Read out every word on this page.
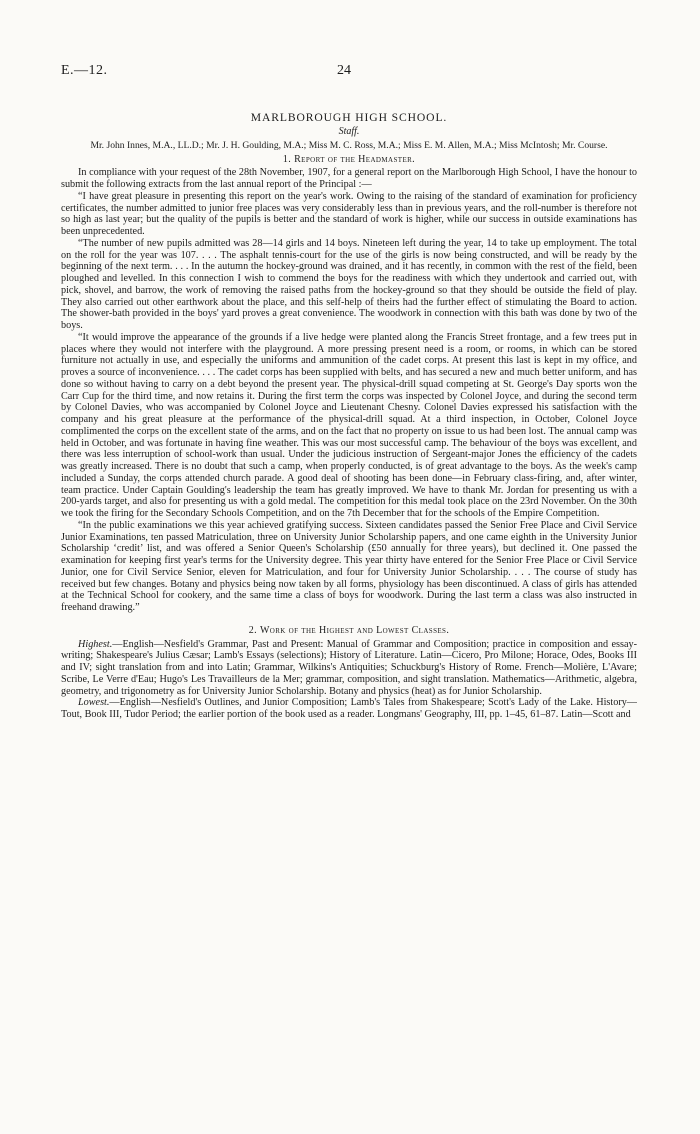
E.—12.	24
MARLBOROUGH HIGH SCHOOL.
Staff.
Mr. John Innes, M.A., LL.D.; Mr. J. H. Goulding, M.A.; Miss M. C. Ross, M.A.; Miss E. M. Allen, M.A.; Miss McIntosh; Mr. Course.
1. Report of the Headmaster.

In compliance with your request of the 28th November, 1907, for a general report on the Marlborough High School, I have the honour to submit the following extracts from the last annual report of the Principal :—

“I have great pleasure in presenting this report on the year's work. Owing to the raising of the standard of examination for proficiency certificates, the number admitted to junior free places was very considerably less than in previous years, and the roll-number is therefore not so high as last year; but the quality of the pupils is better and the standard of work is higher, while our success in outside examinations has been unprecedented.

“The number of new pupils admitted was 28—14 girls and 14 boys. Nineteen left during the year, 14 to take up employment. The total on the roll for the year was 107. . . . The asphalt tennis-court for the use of the girls is now being constructed, and will be ready by the beginning of the next term. . . . In the autumn the hockey-ground was drained, and it has recently, in common with the rest of the field, been ploughed and levelled. In this connection I wish to commend the boys for the readiness with which they undertook and carried out, with pick, shovel, and barrow, the work of removing the raised paths from the hockey-ground so that they should be outside the field of play. They also carried out other earthwork about the place, and this self-help of theirs had the further effect of stimulating the Board to action. The shower-bath provided in the boys' yard proves a great convenience. The woodwork in connection with this bath was done by two of the boys.

“It would improve the appearance of the grounds if a live hedge were planted along the Francis Street frontage, and a few trees put in places where they would not interfere with the playground. A more pressing present need is a room, or rooms, in which can be stored furniture not actually in use, and especially the uniforms and ammunition of the cadet corps. At present this last is kept in my office, and proves a source of inconvenience. . . . The cadet corps has been supplied with belts, and has secured a new and much better uniform, and has done so without having to carry on a debt beyond the present year. The physical-drill squad competing at St. George's Day sports won the Carr Cup for the third time, and now retains it. During the first term the corps was inspected by Colonel Joyce, and during the second term by Colonel Davies, who was accompanied by Colonel Joyce and Lieutenant Chesny. Colonel Davies expressed his satisfaction with the company and his great pleasure at the performance of the physical-drill squad. At a third inspection, in October, Colonel Joyce complimented the corps on the excellent state of the arms, and on the fact that no property on issue to us had been lost. The annual camp was held in October, and was fortunate in having fine weather. This was our most successful camp. The behaviour of the boys was excellent, and there was less interruption of school-work than usual. Under the judicious instruction of Sergeant-major Jones the efficiency of the cadets was greatly increased. There is no doubt that such a camp, when properly conducted, is of great advantage to the boys. As the week's camp included a Sunday, the corps attended church parade. A good deal of shooting has been done—in February class-firing, and, after winter, team practice. Under Captain Goulding's leadership the team has greatly improved. We have to thank Mr. Jordan for presenting us with a 200-yards target, and also for presenting us with a gold medal. The competition for this medal took place on the 23rd November. On the 30th we took the firing for the Secondary Schools Competition, and on the 7th December that for the schools of the Empire Competition.

“In the public examinations we this year achieved gratifying success. Sixteen candidates passed the Senior Free Place and Civil Service Junior Examinations, ten passed Matriculation, three on University Junior Scholarship papers, and one came eighth in the University Junior Scholarship ‘credit’ list, and was offered a Senior Queen's Scholarship (£50 annually for three years), but declined it. One passed the examination for keeping first year's terms for the University degree. This year thirty have entered for the Senior Free Place or Civil Service Junior, one for Civil Service Senior, eleven for Matriculation, and four for University Junior Scholarship. . . . The course of study has received but few changes. Botany and physics being now taken by all forms, physiology has been discontinued. A class of girls has attended at the Technical School for cookery, and the same time a class of boys for woodwork. During the last term a class was also instructed in freehand drawing.”

2. Work of the Highest and Lowest Classes.

Highest.—English—Nesfield's Grammar, Past and Present: Manual of Grammar and Composition; practice in composition and essay-writing; Shakespeare's Julius Cæsar; Lamb's Essays (selections); History of Literature. Latin—Cicero, Pro Milone; Horace, Odes, Books III and IV; sight translation from and into Latin; Grammar, Wilkins's Antiquities; Schuckburg's History of Rome. French—Molière, L'Avare; Scribe, Le Verre d'Eau; Hugo's Les Travailleurs de la Mer; grammar, composition, and sight translation. Mathematics—Arithmetic, algebra, geometry, and trigonometry as for University Junior Scholarship. Botany and physics (heat) as for Junior Scholarship.

Lowest.—English—Nesfield's Outlines, and Junior Composition; Lamb's Tales from Shakespeare; Scott's Lady of the Lake. History—Tout, Book III, Tudor Period; the earlier portion of the book used as a reader. Longmans' Geography, III, pp. 1–45, 61–87. Latin—Scott and
